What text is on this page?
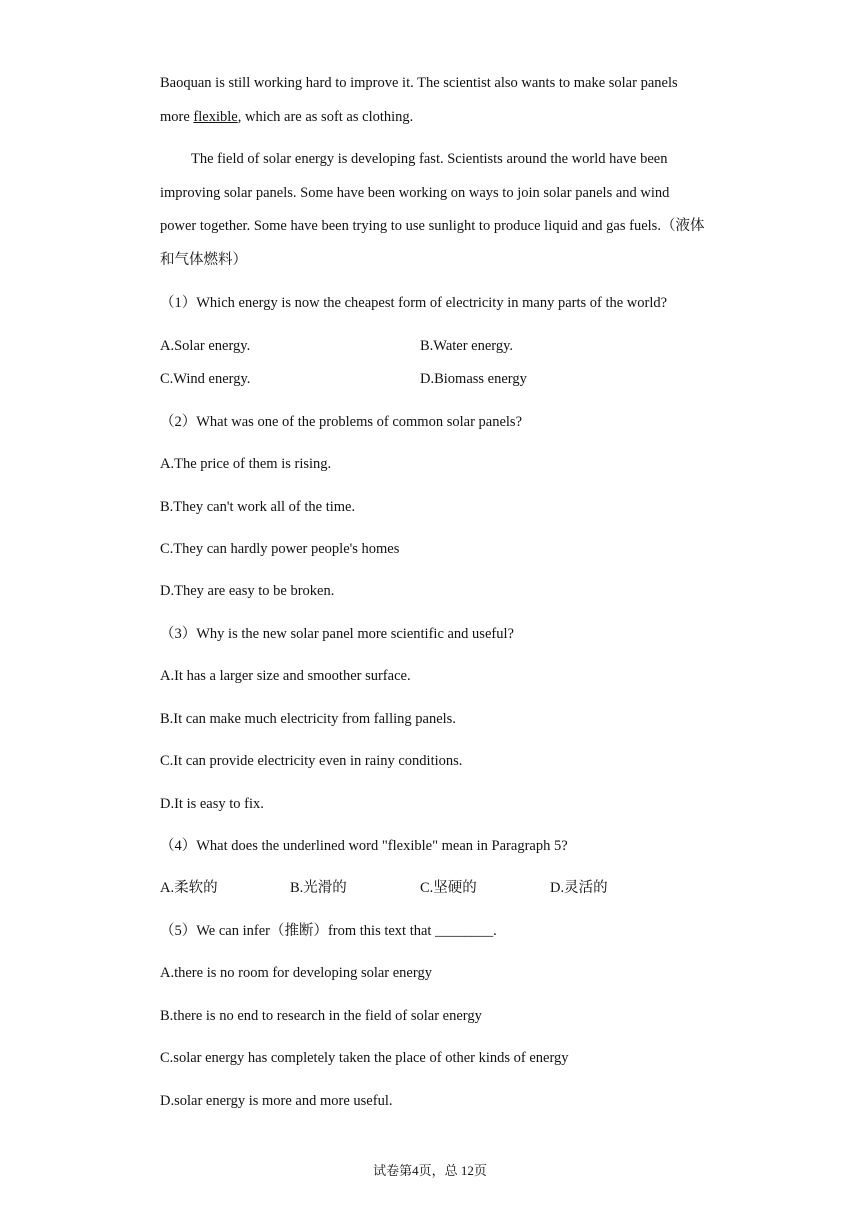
Baoquan is still working hard to improve it. The scientist also wants to make solar panels
more flexible, which are as soft as clothing.
The field of solar energy is developing fast. Scientists around the world have been
improving solar panels. Some have been working on ways to join solar panels and wind
power together. Some have been trying to use sunlight to produce liquid and gas fuels.（液体
和气体燃料）
（1）Which energy is now the cheapest form of electricity in many parts of the world?
A.Solar energy.	B.Water energy.
C.Wind energy.	D.Biomass energy
（2）What was one of the problems of common solar panels?
A.The price of them is rising.
B.They can't work all of the time.
C.They can hardly power people's homes
D.They are easy to be broken.
（3）Why is the new solar panel more scientific and useful?
A.It has a larger size and smoother surface.
B.It can make much electricity from falling panels.
C.It can provide electricity even in rainy conditions.
D.It is easy to fix.
（4）What does the underlined word "flexible" mean in Paragraph 5?
A.柔软的	B.光滑的	C.坚硬的	D.灵活的
（5）We can infer（推断）from this text that ________.
A.there is no room for developing solar energy
B.there is no end to research in the field of solar energy
C.solar energy has completely taken the place of other kinds of energy
D.solar energy is more and more useful.
试卷第4页，总 12页
